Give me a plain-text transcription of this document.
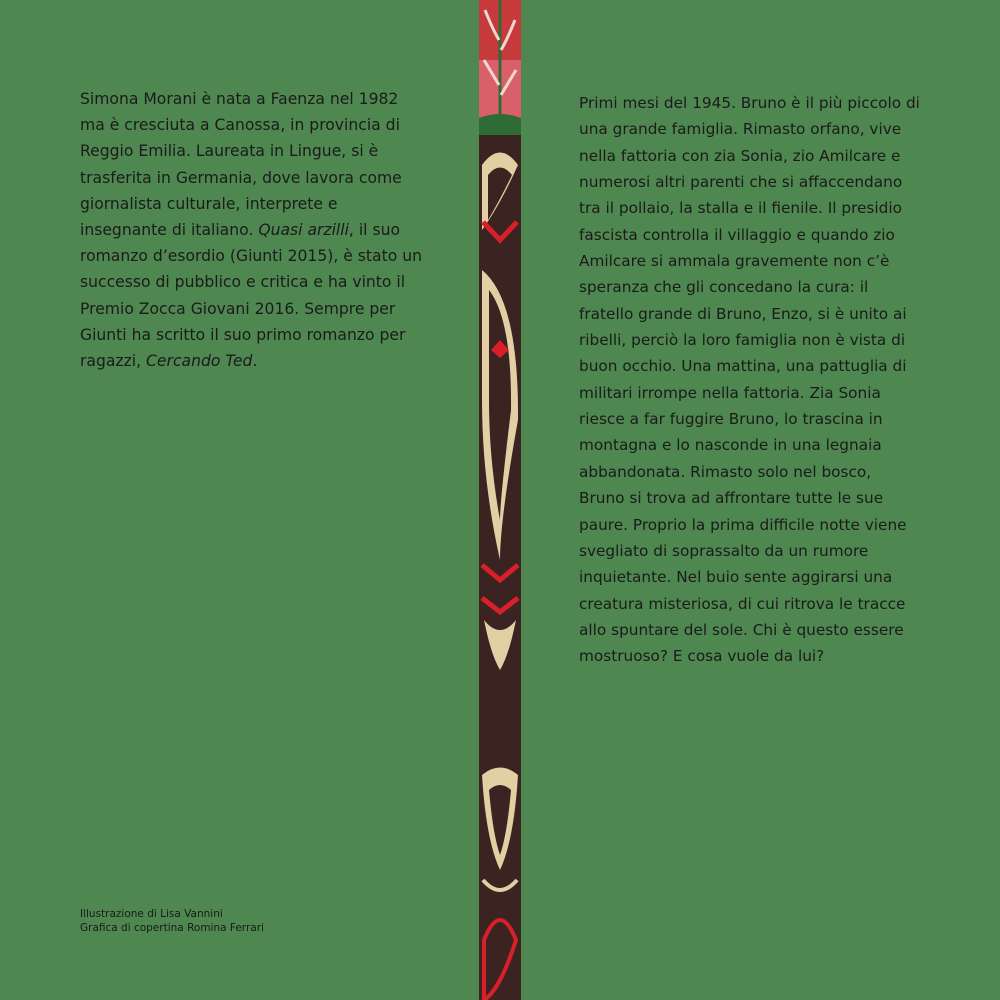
Simona Morani è nata a Faenza nel 1982 ma è cresciuta a Canossa, in provincia di Reggio Emilia. Laureata in Lingue, si è trasferita in Germania, dove lavora come giornalista culturale, interprete e insegnante di italiano. Quasi arzilli, il suo romanzo d’esordio (Giunti 2015), è stato un successo di pubblico e critica e ha vinto il Premio Zocca Giovani 2016. Sempre per Giunti ha scritto il suo primo romanzo per ragazzi, Cercando Ted.

Primi mesi del 1945. Bruno è il più piccolo di una grande famiglia. Rimasto orfano, vive nella fattoria con zia Sonia, zio Amilcare e numerosi altri parenti che si affaccendano tra il pollaio, la stalla e il fienile. Il presidio fascista controlla il villaggio e quando zio Amilcare si ammala gravemente non c’è speranza che gli concedano la cura: il fratello grande di Bruno, Enzo, si è unito ai ribelli, perciò la loro famiglia non è vista di buon occhio. Una mattina, una pattuglia di militari irrompe nella fattoria. Zia Sonia riesce a far fuggire Bruno, lo trascina in montagna e lo nasconde in una legnaia abbandonata. Rimasto solo nel bosco, Bruno si trova ad affrontare tutte le sue paure. Proprio la prima difficile notte viene svegliato di soprassalto da un rumore inquietante. Nel buio sente aggirarsi una creatura misteriosa, di cui ritrova le tracce allo spuntare del sole. Chi è questo essere mostruoso? E cosa vuole da lui?

Illustrazione di Lisa Vannini
Grafica di copertina Romina Ferrari
